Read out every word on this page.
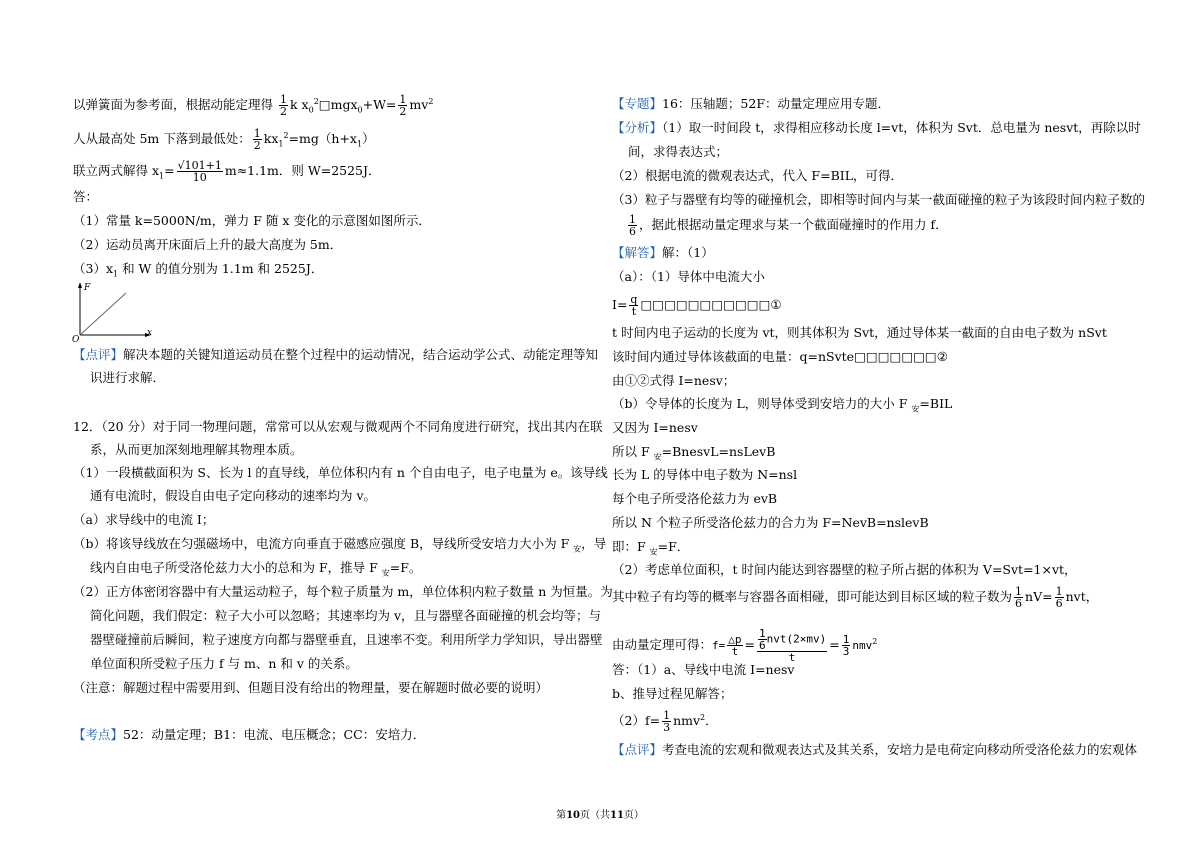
以弹簧面为参考面，根据动能定理得 $\frac{1}{2}$ k $x_0^2□mgx_0+W= \frac{1}{2} mv^2$
人从最高处 5m 下落到最低处： $\frac{1}{2} kx_1^2=mg(h+x_1)$
联立两式解得 $x_1= \frac{√101+1}{10} m\approx 1.1m$．则 W=2525J．
答：
（1）常量 k=5000N/m，弹力 F 随 x 变化的示意图如图所示．
（2）运动员离开床面后上升的最大高度为 5m．
$(3)x_1$ 和 W 的值分别为 1.1m 和 2525J．
F
x
O
【点评】解决本题的关键知道运动员在整个过程中的运动情况，结合运动学公式、动能定理等知
识进行求解．
12．（20 分）对于同一物理问题，常常可以从宏观与微观两个不同角度进行研究，找出其内在联
系，从而更加深刻地理解其物理本质。
（1）一段横截面积为 S、长为 l 的直导线，单位体积内有 n 个自由电子，电子电量为 e。该导线
通有电流时，假设自由电子定向移动的速率均为 v。
（a）求导线中的电流 I；
（b）将该导线放在匀强磁场中，电流方向垂直于磁感应强度 B，导线所受安培力大小为 F $_安$，导
线内自由电子所受洛伦兹力大小的总和为 F，推导 F $_安$=F。
（2）正方体密闭容器中有大量运动粒子，每个粒子质量为 m，单位体积内粒子数量 n 为恒量。为
简化问题，我们假定：粒子大小可以忽略；其速率均为 v，且与器壁各面碰撞的机会均等；与
器壁碰撞前后瞬间，粒子速度方向都与器壁垂直，且速率不变。利用所学力学知识，导出器壁
单位面积所受粒子压力 f 与 m、n 和 v 的关系。
（注意：解题过程中需要用到、但题目没有给出的物理量，要在解题时做必要的说明）
【考点】52：动量定理；B1：电流、电压概念；CC：安培力．
【专题】16：压轴题；52F：动量定理应用专题．
【分析】（1）取一时间段 t，求得相应移动长度 l=vt，体积为 Svt．总电量为 nesvt，再除以时
间，求得表达式；
（2）根据电流的微观表达式，代入 F=BIL，可得．
（3）粒子与器壁有均等的碰撞机会，即相等时间内与某一截面碰撞的粒子为该段时间内粒子数的
$\frac{1}{6}$ ，据此根据动量定理求与某一个截面碰撞时的作用力 f．
【解答】解：（1）
（a）：（1）导体中电流大小
$I= \frac{q}{t}$ □□□□□□□□□□□①
t 时间内电子运动的长度为 vt，则其体积为 Svt，通过导体某一截面的自由电子数为 nSvt
该时间内通过导体该截面的电量：q=nSvte□□□□□□□②
由①②式得 I=nesv；
（b）令导体的长度为 L，则导体受到安培力的大小 F $_安$=BIL
又因为 I=nesv
所以 F $_安$=BnesvL=nsLevB
长为 L 的导体中电子数为 N=nsl
每个电子所受洛伦兹力为 evB
所以 N 个粒子所受洛伦兹力的合力为 F=NevB=nslevB
即：F $_安$=F．
（2）考虑单位面积，t 时间内能达到容器壁的粒子所占据的体积为 V=Svt=1×vt，
其中粒子有均等的概率与容器各面相碰，即可能达到目标区域的粒子数为 $\frac{1}{6} nV= \frac{1}{6}$ nvt，
由动量定理可得：$f= \frac{\triangle p}{t} = \frac{\frac{1}{6} nvt(2\times mv)}{t} = \frac{1}{3} nmv^2$
答：（1）a、导线中电流 I=nesv
b、推导过程见解答；
$(2)f= \frac{1}{3} nmv^2$．
【点评】考查电流的宏观和微观表达式及其关系，安培力是电荷定向移动所受洛伦兹力的宏观体
第10页（共11页）
